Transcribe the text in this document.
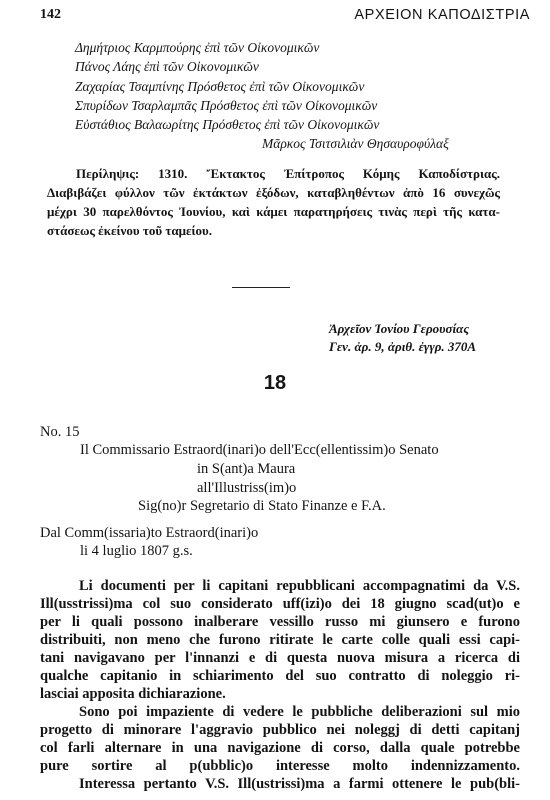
142	ΑΡΧΕΙΟΝ ΚΑΠΟΔΙΣΤΡΙΑ
Δημήτριος Καρμπούρης ἐπὶ τῶν Οἰκονομικῶν
Πάνος Λάης ἐπὶ τῶν Οἰκονομικῶν
Ζαχαρίας Τσαμπίνης Πρόσθετος ἐπὶ τῶν Οἰκονομικῶν
Σπυρίδων Τσαρλαμπᾶς Πρόσθετος ἐπὶ τῶν Οἰκονομικῶν
Εὐστάθιος Βαλαωρίτης Πρόσθετος ἐπὶ τῶν Οἰκονομικῶν
Μᾶρκος Τσιτσιλιὰν Θησαυροφύλαξ
Περίληψις: 1310. Ἔκτακτος Ἐπίτροπος Κόμης Καποδίστριας.
Διαβιβάζει φύλλον τῶν ἐκτάκτων ἐξόδων, καταβληθέντων ἀπὸ 16 συνεχῶς
μέχρι 30 παρελθόντος Ἰουνίου, καὶ κάμει παρατηρήσεις τινὰς περὶ τῆς κατα-
στάσεως ἐκείνου τοῦ ταμείου.
Ἀρχεῖον Ἰονίου Γερουσίας
Γεν. ἀρ. 9, ἀριθ. ἐγγρ. 370Α
18
No. 15
Il Commissario Estraord(inari)o dell'Ecc(ellentissim)o Senato
in S(ant)a Maura
all'Illustriss(im)o
Sig(no)r Segretario di Stato Finanze e F.A.
Dal Comm(issaria)to Estraord(inari)o
li 4 luglio 1807 g.s.
Li documenti per li capitani repubblicani accompagnatimi da V.S.
Ill(usstrissi)ma col suo considerato uff(izi)o dei 18 giugno scad(ut)o e
per li quali possono inalberare vessillo russo mi giunsero e furono
distribuiti, non meno che furono ritirate le carte colle quali essi capi-
tani navigavano per l'innanzi e di questa nuova misura a ricerca di
qualche capitanio in schiarimento del suo contratto di noleggio ri-
lasciai apposita dichiarazione.
Sono poi impaziente di vedere le pubbliche deliberazioni sul mio
progetto di minorare l'aggravio pubblico nei noleggj di detti capitanj
col farli alternare in una navigazione di corso, dalla quale potrebbe
pure sortire al p(ubblic)o interesse molto indennizzamento.
Interessa pertanto V.S. Ill(ustrissi)ma a farmi ottenere le pub(bli-
